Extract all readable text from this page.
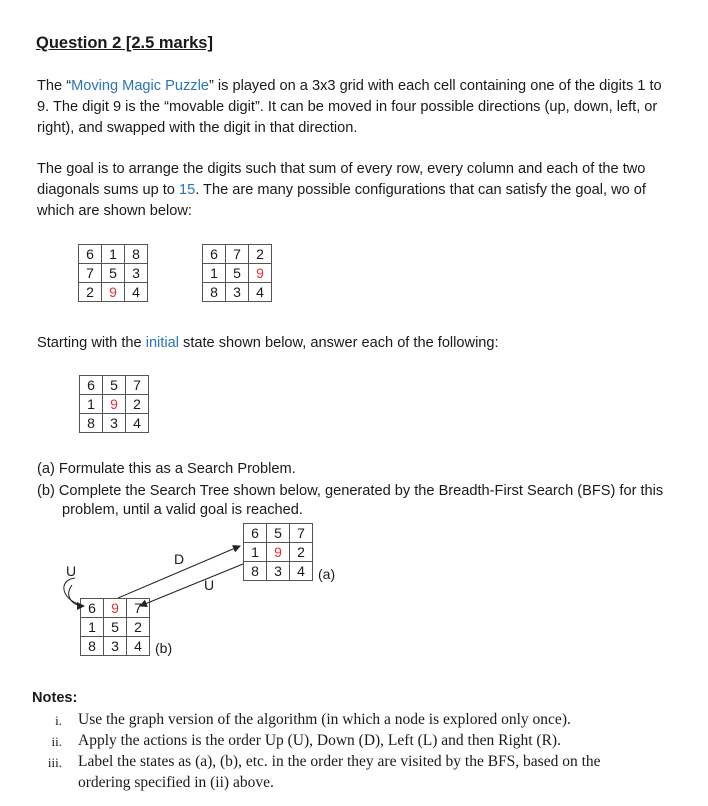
Question 2 [2.5 marks]
The “Moving Magic Puzzle” is played on a 3x3 grid with each cell containing one of the digits 1 to 9. The digit 9 is the “movable digit”. It can be moved in four possible directions (up, down, left, or right), and swapped with the digit in that direction.
The goal is to arrange the digits such that sum of every row, every column and each of the two diagonals sums up to 15. The are many possible configurations that can satisfy the goal, wo of which are shown below:
6	1	8
7	5	3
2	9	4
6	7	2
1	5	9
8	3	4
Starting with the initial state shown below, answer each of the following:
6	5	7
1	9	2
8	3	4
(a) Formulate this as a Search Problem.
(b) Complete the Search Tree shown below, generated by the Breadth-First Search (BFS) for this
problem, until a valid goal is reached.
6	5	7
1	9	2
8	3	4 (a)
6	9	7
1	5	2
8	3	4 (b)
D
U
U
Notes:
i. Use the graph version of the algorithm (in which a node is explored only once).
ii. Apply the actions is the order Up (U), Down (D), Left (L) and then Right (R).
iii. Label the states as (a), (b), etc. in the order they are visited by the BFS, based on the
ordering specified in (ii) above.
